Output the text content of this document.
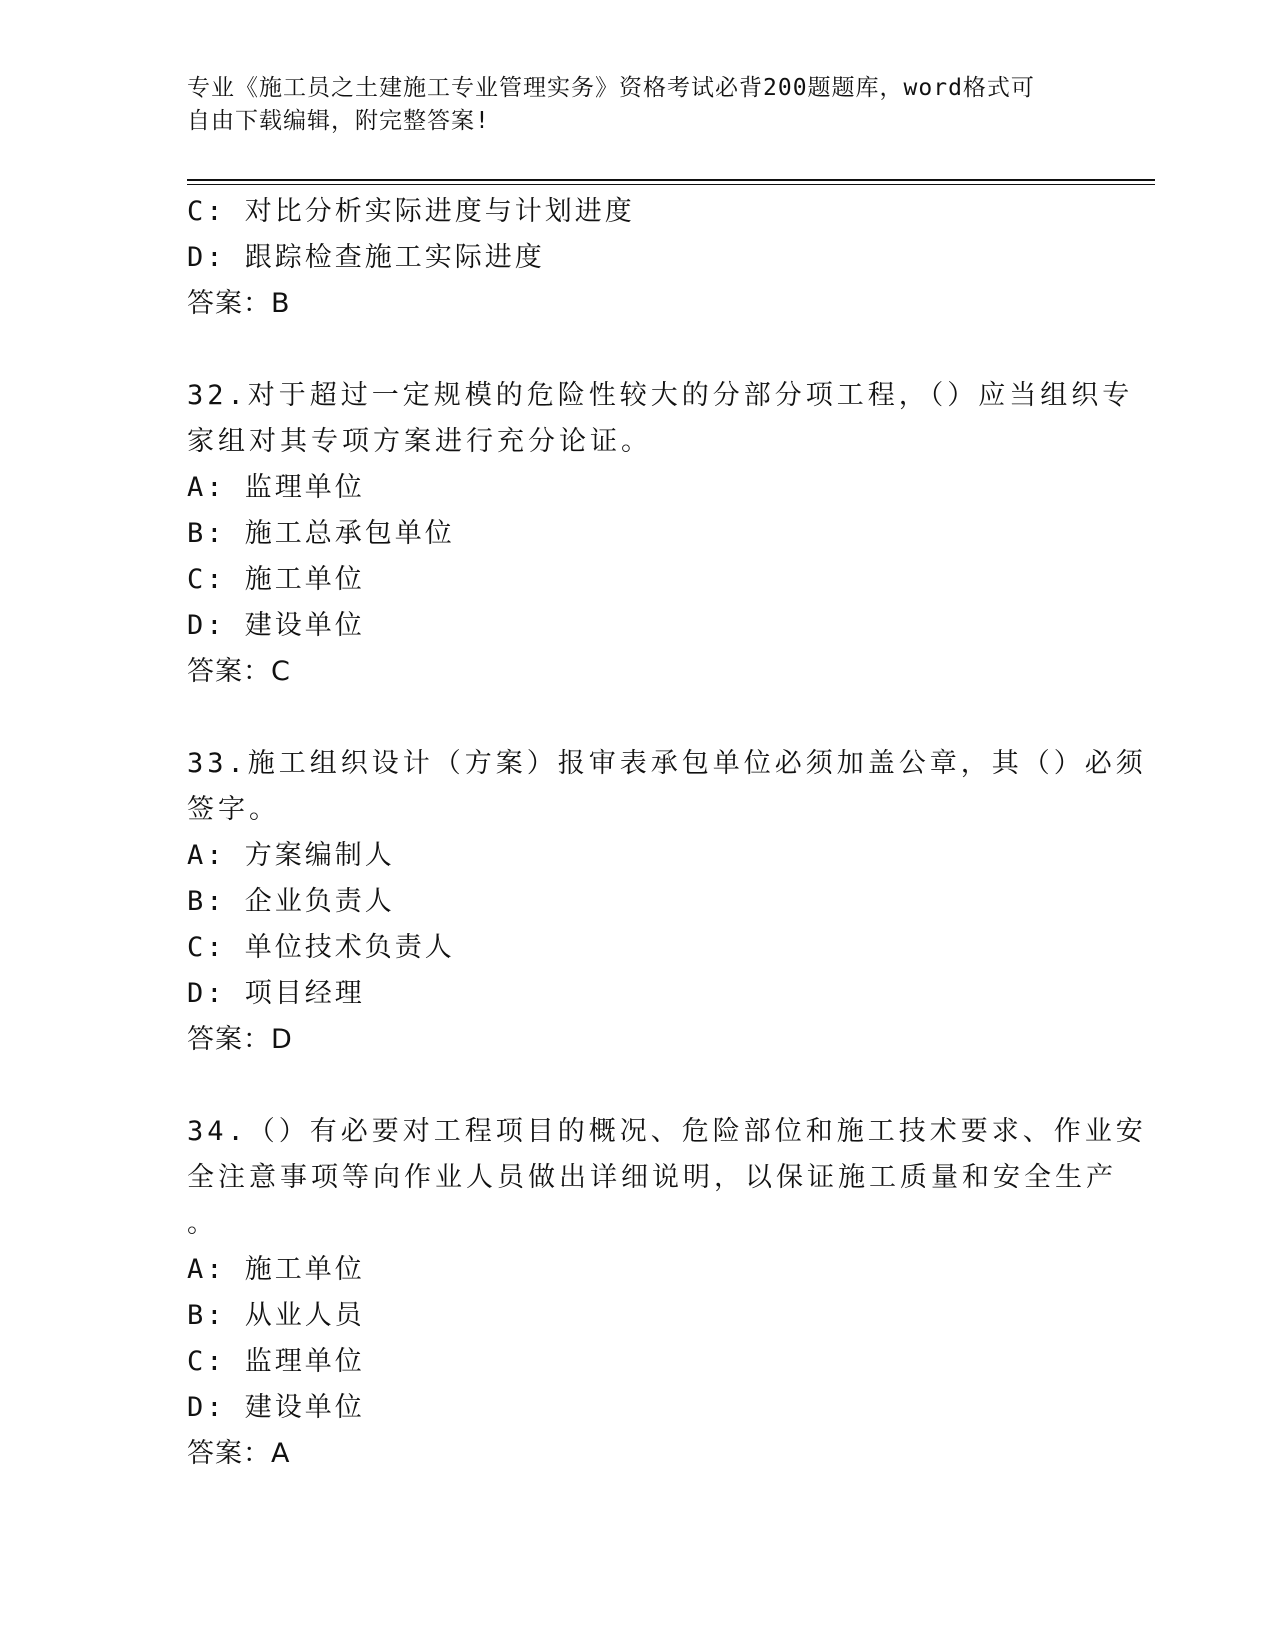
专业《施工员之土建施工专业管理实务》资格考试必背200题题库，word格式可
自由下载编辑，附完整答案!
C: 对比分析实际进度与计划进度
D: 跟踪检查施工实际进度
答案：B
32.对于超过一定规模的危险性较大的分部分项工程，（）应当组织专
家组对其专项方案进行充分论证。
A: 监理单位
B: 施工总承包单位
C: 施工单位
D: 建设单位
答案：C
33.施工组织设计（方案）报审表承包单位必须加盖公章，其（）必须
签字。
A: 方案编制人
B: 企业负责人
C: 单位技术负责人
D: 项目经理
答案：D
34.（）有必要对工程项目的概况、危险部位和施工技术要求、作业安
全注意事项等向作业人员做出详细说明，以保证施工质量和安全生产
。
A: 施工单位
B: 从业人员
C: 监理单位
D: 建设单位
答案：A
